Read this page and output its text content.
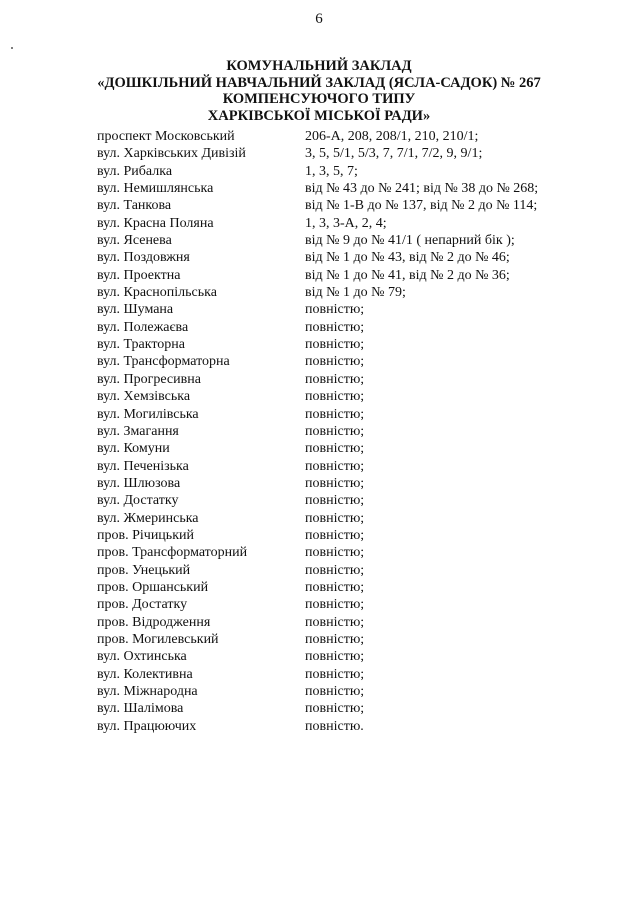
6
КОМУНАЛЬНИЙ ЗАКЛАД
«ДОШКІЛЬНИЙ НАВЧАЛЬНИЙ ЗАКЛАД (ЯСЛА-САДОК) № 267
КОМПЕНСУЮЧОГО ТИПУ
ХАРКІВСЬКОЇ МІСЬКОЇ РАДИ»
проспект Московський	206-А, 208, 208/1, 210, 210/1;
вул. Харківських Дивізій	3, 5, 5/1, 5/3, 7, 7/1, 7/2, 9, 9/1;
вул. Рибалка	1, 3, 5, 7;
вул. Немишлянська	від № 43 до № 241; від № 38 до № 268;
вул. Танкова	від № 1-В до № 137, від № 2 до № 114;
вул. Красна Поляна	1, 3, 3-А, 2, 4;
вул. Ясенева	від № 9 до № 41/1 ( непарний бік );
вул. Поздовжня	від № 1 до № 43, від № 2 до № 46;
вул. Проектна	від № 1 до № 41, від № 2 до № 36;
вул. Краснопільська	від № 1 до № 79;
вул. Шумана	повністю;
вул. Полежаєва	повністю;
вул. Тракторна	повністю;
вул. Трансформаторна	повністю;
вул. Прогресивна	повністю;
вул. Хемзівська	повністю;
вул. Могилівська	повністю;
вул. Змагання	повністю;
вул. Комуни	повністю;
вул. Печенізька	повністю;
вул. Шлюзова	повністю;
вул. Достатку	повністю;
вул. Жмеринська	повністю;
пров. Річицький	повністю;
пров. Трансформаторний	повністю;
пров. Унецький	повністю;
пров. Оршанський	повністю;
пров. Достатку	повністю;
пров. Відродження	повністю;
пров. Могилевський	повністю;
вул. Охтинська	повністю;
вул. Колективна	повністю;
вул. Міжнародна	повністю;
вул. Шалімова	повністю;
вул. Працюючих	повністю.
